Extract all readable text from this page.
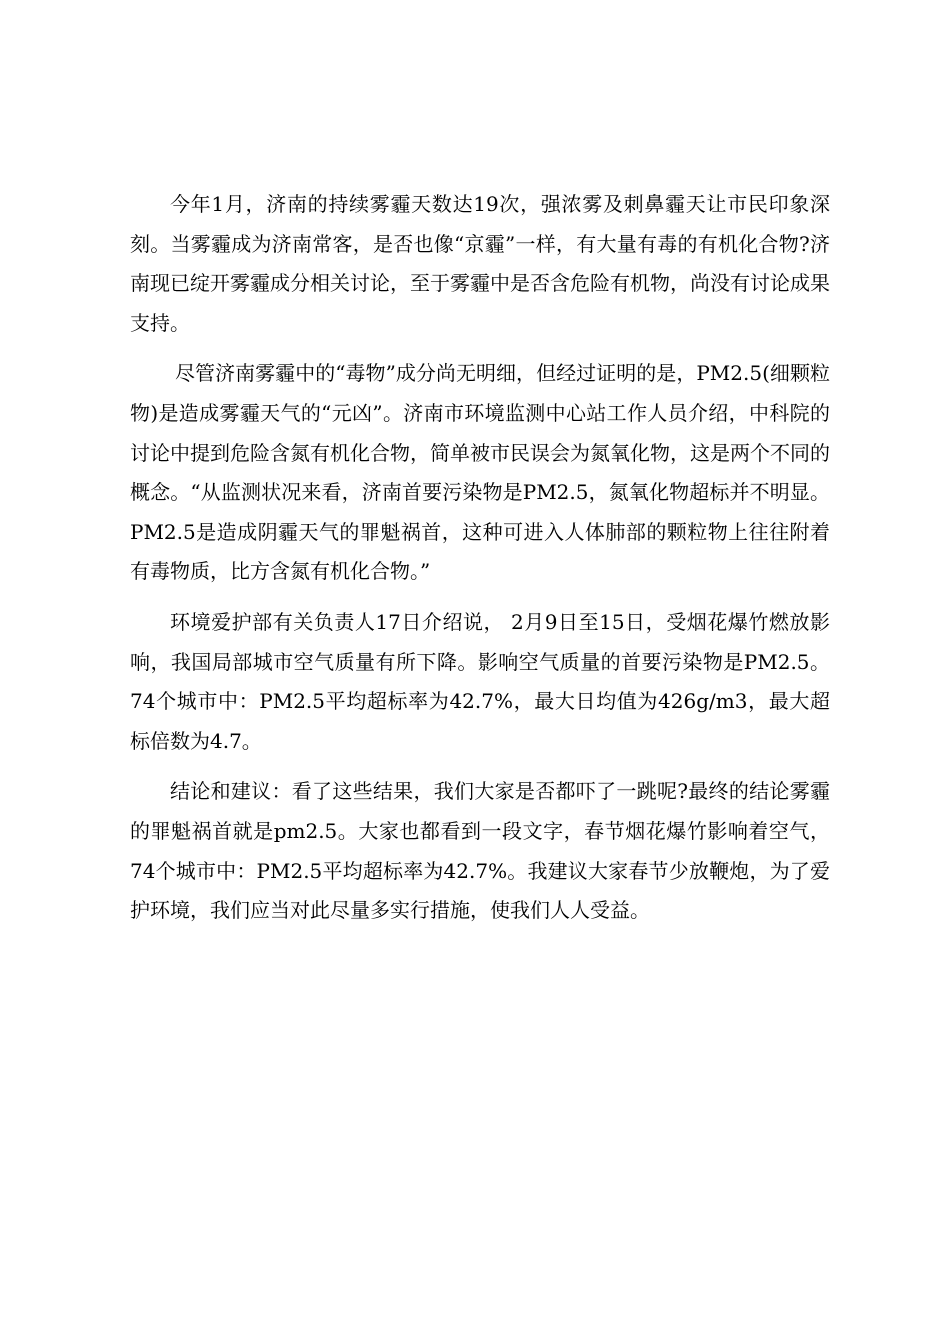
今年1月，济南的持续雾霾天数达19次，强浓雾及刺鼻霾天让市民印象深刻。当雾霾成为济南常客，是否也像“京霾”一样，有大量有毒的有机化合物?济南现已绽开雾霾成分相关讨论，至于雾霾中是否含危险有机物，尚没有讨论成果支持。

尽管济南雾霾中的“毒物”成分尚无明细，但经过证明的是，PM2.5(细颗粒物)是造成雾霾天气的“元凶”。济南市环境监测中心站工作人员介绍，中科院的讨论中提到危险含氮有机化合物，简单被市民误会为氮氧化物，这是两个不同的概念。“从监测状况来看，济南首要污染物是PM2.5，氮氧化物超标并不明显。PM2.5是造成阴霾天气的罪魁祸首，这种可进入人体肺部的颗粒物上往往附着有毒物质，比方含氮有机化合物。”

环境爱护部有关负责人17日介绍说， 2月9日至15日，受烟花爆竹燃放影响，我国局部城市空气质量有所下降。影响空气质量的首要污染物是PM2.5。74个城市中：PM2.5平均超标率为42.7%，最大日均值为426g/m3，最大超标倍数为4.7。

结论和建议：看了这些结果，我们大家是否都吓了一跳呢?最终的结论雾霾的罪魁祸首就是pm2.5。大家也都看到一段文字，春节烟花爆竹影响着空气，74个城市中：PM2.5平均超标率为42.7%。我建议大家春节少放鞭炮，为了爱护环境，我们应当对此尽量多实行措施，使我们人人受益。
